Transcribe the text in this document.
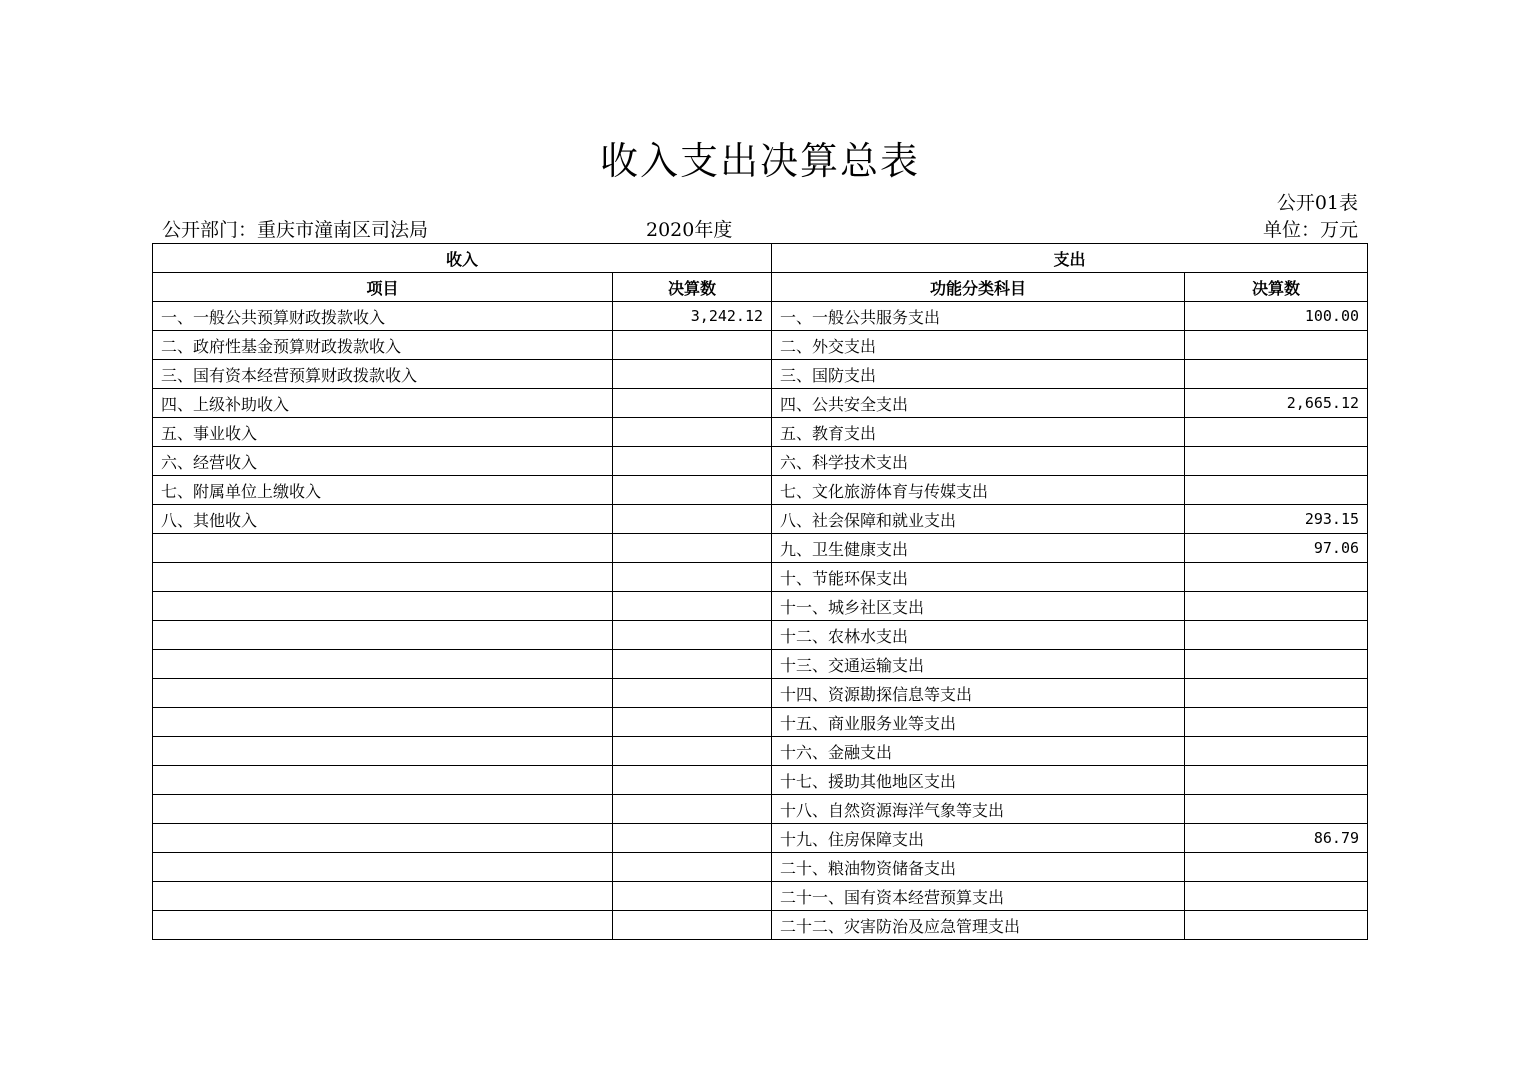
收入支出决算总表
公开01表
公开部门：重庆市潼南区司法局	2020年度	单位：万元
收入		支出	
项目	决算数	功能分类科目	决算数
一、一般公共预算财政拨款收入	3,242.12	一、一般公共服务支出	100.00
二、政府性基金预算财政拨款收入		二、外交支出	
三、国有资本经营预算财政拨款收入		三、国防支出	
四、上级补助收入		四、公共安全支出	2,665.12
五、事业收入		五、教育支出	
六、经营收入		六、科学技术支出	
七、附属单位上缴收入		七、文化旅游体育与传媒支出	
八、其他收入		八、社会保障和就业支出	293.15
		九、卫生健康支出	97.06
		十、节能环保支出	
		十一、城乡社区支出	
		十二、农林水支出	
		十三、交通运输支出	
		十四、资源勘探信息等支出	
		十五、商业服务业等支出	
		十六、金融支出	
		十七、援助其他地区支出	
		十八、自然资源海洋气象等支出	
		十九、住房保障支出	86.79
		二十、粮油物资储备支出	
		二十一、国有资本经营预算支出	
		二十二、灾害防治及应急管理支出	
